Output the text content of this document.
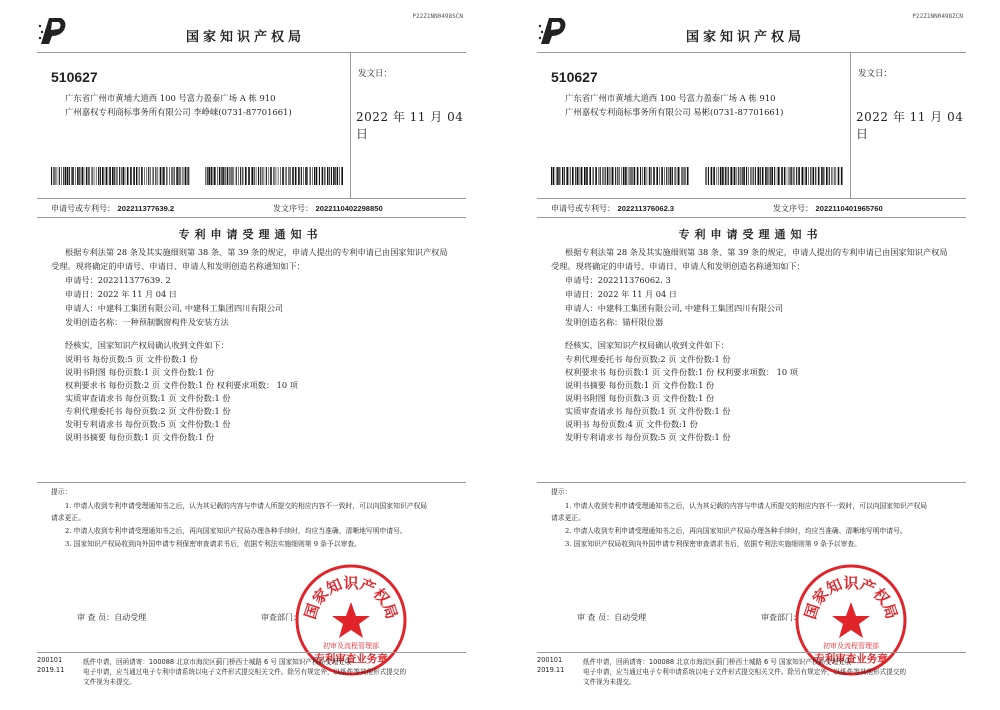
P22Z1NN0498SCN
国家知识产权局
510627
广东省广州市黄埔大道西 100 号富力盈泰广场 A 栋 910
广州嘉权专利商标事务所有限公司 李峥崃(0731-87701661)
发文日：
2022 年 11 月 04 日
申请号或专利号： 202211377639.2	发文序号： 2022110402298850
专利申请受理通知书
根据专利法第 28 条及其实施细则第 38 条、第 39 条的规定，申请人提出的专利申请已由国家知识产权局
受理。现将确定的申请号、申请日、申请人和发明创造名称通知如下：
申请号：202211377639. 2
申请日：2022 年 11 月 04 日
申请人：中建科工集团有限公司, 中建科工集团四川有限公司
发明创造名称：一种预制飘窗构件及安装方法
经核实，国家知识产权局确认收到文件如下：
说明书 每份页数:5 页 文件份数:1 份
说明书附图 每份页数:1 页 文件份数:1 份
权利要求书 每份页数:2 页 文件份数:1 份 权利要求项数： 10 项
实质审查请求书 每份页数:1 页 文件份数:1 份
专利代理委托书 每份页数:2 页 文件份数:1 份
发明专利请求书 每份页数:5 页 文件份数:1 份
说明书摘要 每份页数:1 页 文件份数:1 份
提示：
1. 申请人收到专利申请受理通知书之后，认为其记载的内容与申请人所提交的相应内容不一致时，可以向国家知识产权局
请求更正。
2. 申请人收到专利申请受理通知书之后，再向国家知识产权局办理各种手续时，均应当准确、清晰地写明申请号。
3. 国家知识产权局收到向外国申请专利保密审查请求书后，依据专利法实施细则第 9 条予以审查。
审 查 员：自动受理	审查部门： 国家知识产权局
初审及流程管理部
专利审查业务章
200101
2019.11
纸件申请，回函请寄：100088 北京市海淀区蓟门桥西土城路 6 号 国家知识产权局受理处收
电子申请，应当通过电子专利申请系统以电子文件形式提交相关文件。除另有规定外，以纸件等其他形式提交的
文件视为未提交。
P22Z1NN0498ZCN
国家知识产权局
510627
广东省广州市黄埔大道西 100 号富力盈泰广场 A 栋 910
广州嘉权专利商标事务所有限公司 易彬(0731-87701661)
发文日：
2022 年 11 月 04 日
申请号或专利号： 202211376062.3	发文序号： 2022110401965760
专利申请受理通知书
根据专利法第 28 条及其实施细则第 38 条、第 39 条的规定，申请人提出的专利申请已由国家知识产权局
受理。现将确定的申请号、申请日、申请人和发明创造名称通知如下：
申请号：202211376062. 3
申请日：2022 年 11 月 04 日
申请人：中建科工集团有限公司, 中建科工集团四川有限公司
发明创造名称：锚杆限位器
经核实，国家知识产权局确认收到文件如下：
专利代理委托书 每份页数:2 页 文件份数:1 份
权利要求书 每份页数:1 页 文件份数:1 份 权利要求项数： 10 项
说明书摘要 每份页数:1 页 文件份数:1 份
说明书附图 每份页数:3 页 文件份数:1 份
实质审查请求书 每份页数:1 页 文件份数:1 份
说明书 每份页数:4 页 文件份数:1 份
发明专利请求书 每份页数:5 页 文件份数:1 份
提示：
1. 申请人收到专利申请受理通知书之后，认为其记载的内容与申请人所提交的相应内容不一致时，可以向国家知识产权局
请求更正。
2. 申请人收到专利申请受理通知书之后，再向国家知识产权局办理各种手续时，均应当准确、清晰地写明申请号。
3. 国家知识产权局收到向外国申请专利保密审查请求书后，依据专利法实施细则第 9 条予以审查。
审 查 员：自动受理	审查部门： 国家知识产权局
初审及流程管理部
专利审查业务章
200101
2019.11
纸件申请，回函请寄：100088 北京市海淀区蓟门桥西土城路 6 号 国家知识产权局受理处收
电子申请，应当通过电子专利申请系统以电子文件形式提交相关文件。除另有规定外，以纸件等其他形式提交的
文件视为未提交。
